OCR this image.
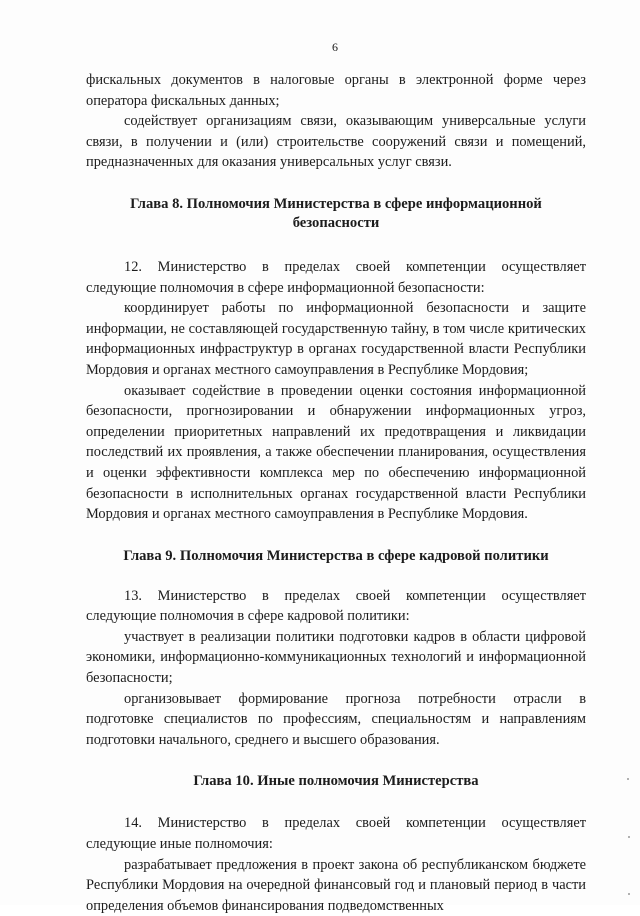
6

фискальных документов в налоговые органы в электронной форме через оператора фискальных данных;

содействует организациям связи, оказывающим универсальные услуги связи, в получении и (или) строительстве сооружений связи и помещений, предназначенных для оказания универсальных услуг связи.

Глава 8. Полномочия Министерства в сфере информационной безопасности

12. Министерство в пределах своей компетенции осуществляет следующие полномочия в сфере информационной безопасности:

координирует работы по информационной безопасности и защите информации, не составляющей государственную тайну, в том числе критических информационных инфраструктур в органах государственной власти Республики Мордовия и органах местного самоуправления в Республике Мордовия;

оказывает содействие в проведении оценки состояния информационной безопасности, прогнозировании и обнаружении информационных угроз, определении приоритетных направлений их предотвращения и ликвидации последствий их проявления, а также обеспечении планирования, осуществления и оценки эффективности комплекса мер по обеспечению информационной безопасности в исполнительных органах государственной власти Республики Мордовия и органах местного самоуправления в Республике Мордовия.

Глава 9. Полномочия Министерства в сфере кадровой политики

13. Министерство в пределах своей компетенции осуществляет следующие полномочия в сфере кадровой политики:

участвует в реализации политики подготовки кадров в области цифровой экономики, информационно-коммуникационных технологий и информационной безопасности;

организовывает формирование прогноза потребности отрасли в подготовке специалистов по профессиям, специальностям и направлениям подготовки начального, среднего и высшего образования.

Глава 10. Иные полномочия Министерства

14. Министерство в пределах своей компетенции осуществляет следующие иные полномочия:

разрабатывает предложения в проект закона об республиканском бюджете Республики Мордовия на очередной финансовый год и плановый период в части определения объемов финансирования подведомственных
